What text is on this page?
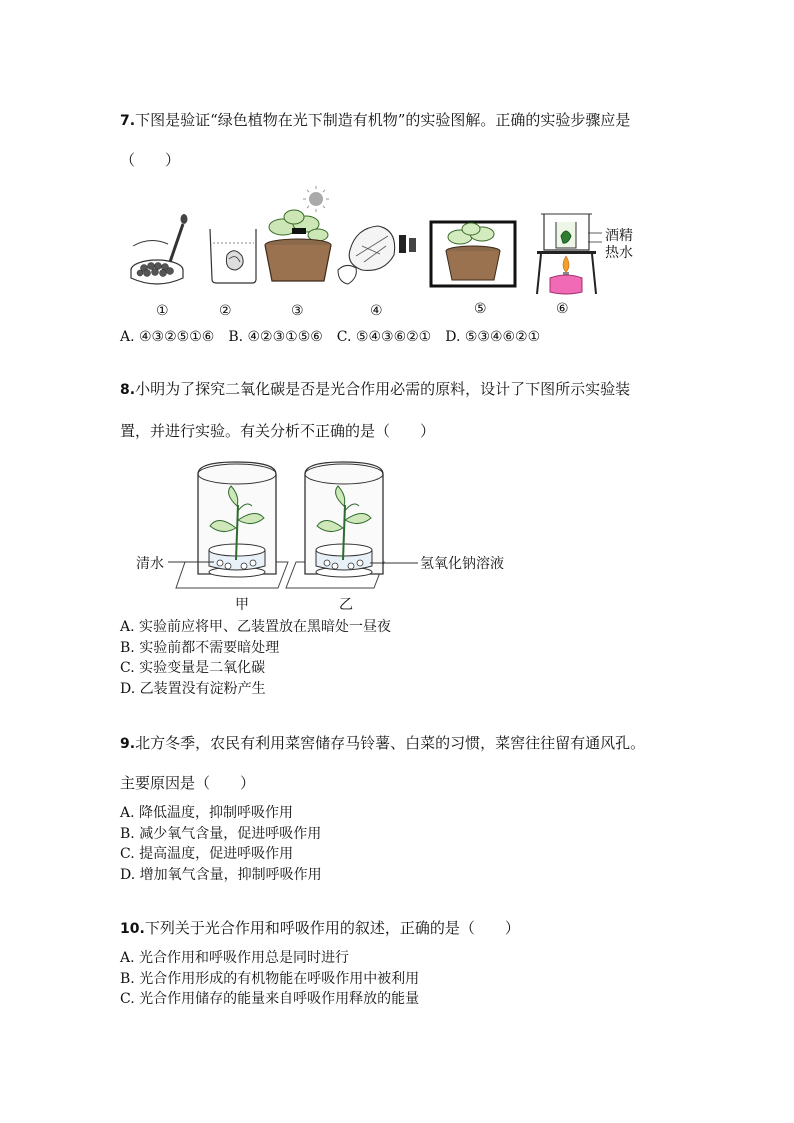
7.下图是验证“绿色植物在光下制造有机物”的实验图解。正确的实验步骤应是
（　　）
酒精
热水
①	②	③	④	⑤	⑥
A. ④③②⑤①⑥　B. ④②③①⑤⑥　C. ⑤④③⑥②①　D. ⑤③④⑥②①
8.小明为了探究二氧化碳是否是光合作用必需的原料，设计了下图所示实验装
置，并进行实验。有关分析不正确的是（　　）
清水	氢氧化钠溶液
甲	乙
A. 实验前应将甲、乙装置放在黑暗处一昼夜
B. 实验前都不需要暗处理
C. 实验变量是二氧化碳
D. 乙装置没有淀粉产生
9.北方冬季，农民有利用菜窖储存马铃薯、白菜的习惯，菜窖往往留有通风孔。
主要原因是（　　）
A. 降低温度，抑制呼吸作用
B. 减少氧气含量，促进呼吸作用
C. 提高温度，促进呼吸作用
D. 增加氧气含量，抑制呼吸作用
10.下列关于光合作用和呼吸作用的叙述，正确的是（　　）
A. 光合作用和呼吸作用总是同时进行
B. 光合作用形成的有机物能在呼吸作用中被利用
C. 光合作用储存的能量来自呼吸作用释放的能量
